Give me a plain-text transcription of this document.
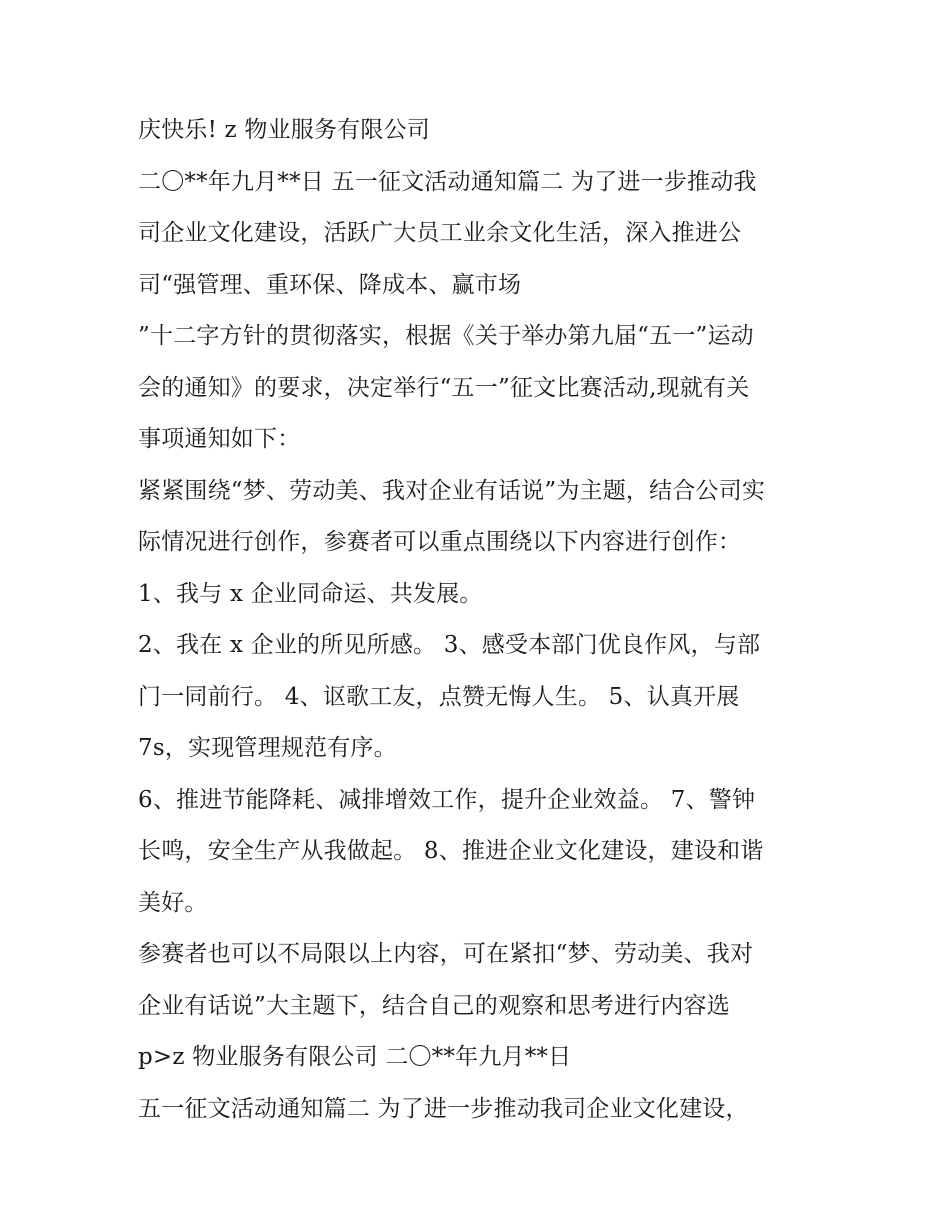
庆快乐! z 物业服务有限公司
二〇**年九月**日 五一征文活动通知篇二 为了进一步推动我
司企业文化建设，活跃广大员工业余文化生活，深入推进公
司“强管理、重环保、降成本、赢市场
”十二字方针的贯彻落实，根据《关于举办第九届“五一”运动
会的通知》的要求，决定举行“五一”征文比赛活动,现就有关
事项通知如下：
紧紧围绕“梦、劳动美、我对企业有话说”为主题，结合公司实
际情况进行创作，参赛者可以重点围绕以下内容进行创作：
1、我与 x 企业同命运、共发展。
2、我在 x 企业的所见所感。 3、感受本部门优良作风，与部
门一同前行。 4、讴歌工友，点赞无悔人生。 5、认真开展
7s，实现管理规范有序。
6、推进节能降耗、减排增效工作，提升企业效益。 7、警钟
长鸣，安全生产从我做起。 8、推进企业文化建设，建设和谐
美好。
参赛者也可以不局限以上内容，可在紧扣“梦、劳动美、我对
企业有话说”大主题下，结合自己的观察和思考进行内容选
p>z 物业服务有限公司 二〇**年九月**日
五一征文活动通知篇二 为了进一步推动我司企业文化建设，
